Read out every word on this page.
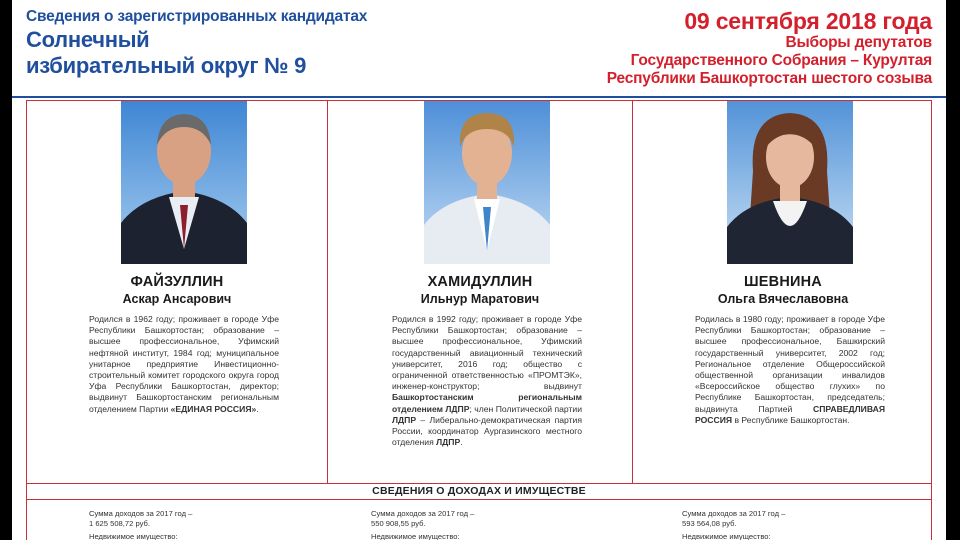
Сведения о зарегистрированных кандидатах
Солнечный
избирательный округ № 9
09 сентября 2018 года
Выборы депутатов
Государственного Собрания – Курултая
Республики Башкортостан шестого созыва
СВЕДЕНИЯ О ДОХОДАХ И ИМУЩЕСТВЕ
ФАЙЗУЛЛИН
Аскар Ансарович
Родился в 1962 году; проживает в городе Уфе Республики Башкортостан; образование – высшее профессиональное, Уфимский нефтяной институт, 1984 год; муниципальное унитарное предприятие Инвестиционно-строительный комитет городского округа город Уфа Республики Башкортостан, директор; выдвинут Башкортостанским региональным отделением Партии «ЕДИНАЯ РОССИЯ».
ХАМИДУЛЛИН
Ильнур Маратович
Родился в 1992 году; проживает в городе Уфе Республики Башкортостан; образование – высшее профессиональное, Уфимский государственный авиационный технический университет, 2016 год; общество с ограниченной ответственностью «ПРОМТЭК», инженер-конструктор; выдвинут Башкортостанским региональным отделением ЛДПР; член Политической партии ЛДПР – Либерально-демократическая партия России, координатор Аургазинского местного отделения ЛДПР.
ШЕВНИНА
Ольга Вячеславовна
Родилась в 1980 году; проживает в городе Уфе Республики Башкортостан; образование – высшее профессиональное, Башкирский государственный университет, 2002 год; Региональное отделение Общероссийской общественной организации инвалидов «Всероссийское общество глухих» по Республике Башкортостан, председатель; выдвинута Партией СПРАВЕДЛИВАЯ РОССИЯ в Республике Башкортостан.
Сумма доходов за 2017 год –
1 625 508,72 руб.
Недвижимое имущество:
Сумма доходов за 2017 год –
550 908,55 руб.
Недвижимое имущество:
Сумма доходов за 2017 год –
593 564,08 руб.
Недвижимое имущество:
